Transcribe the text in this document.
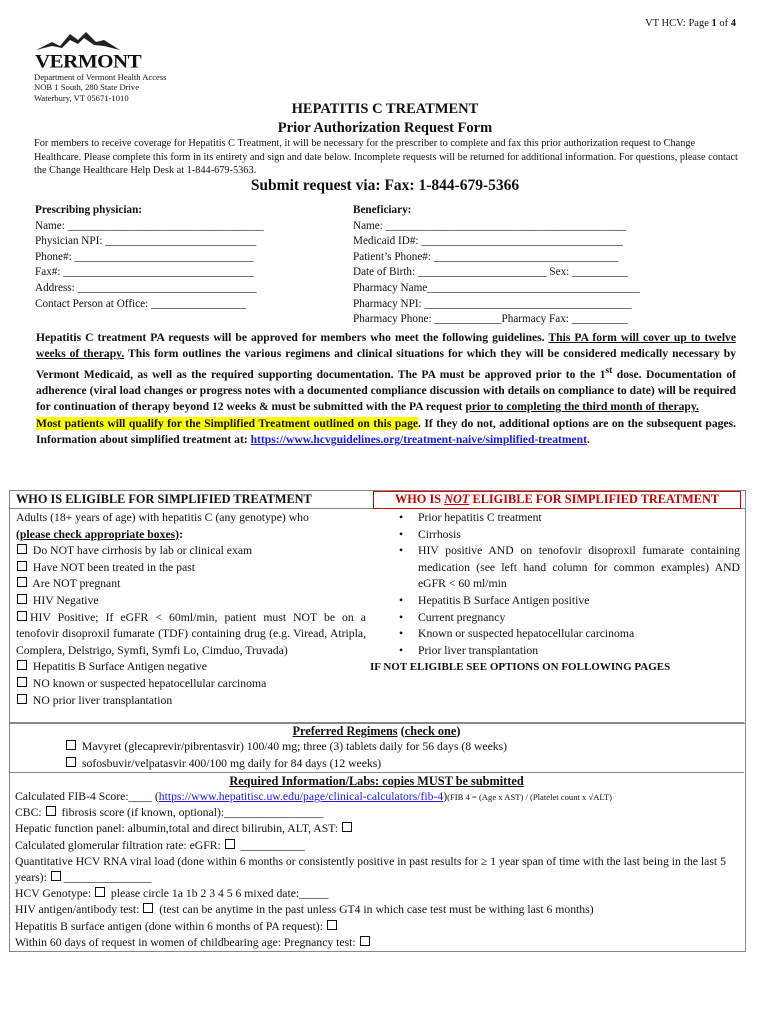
VT HCV: Page 1 of 4
VERMONT
Department of Vermont Health Access
NOB 1 South, 280 State Drive
Waterbury, VT 05671-1010
HEPATITIS C TREATMENT
Prior Authorization Request Form
For members to receive coverage for Hepatitis C Treatment, it will be necessary for the prescriber to complete and fax this prior authorization request to Change Healthcare. Please complete this form in its entirety and sign and date below. Incomplete requests will be returned for additional information. For questions, please contact the Change Healthcare Help Desk at 1-844-679-5363.
Submit request via: Fax: 1-844-679-5366
Prescribing physician:
Name: ___________________________________
Physician NPI: ___________________________
Phone#: ________________________________
Fax#: __________________________________
Address: ________________________________
Contact Person at Office: _________________
Beneficiary:
Name: ___________________________________________
Medicaid ID#: ____________________________________
Patient’s Phone#: _________________________________
Date of Birth: _______________________ Sex: __________
Pharmacy Name______________________________________
Pharmacy NPI: _____________________________________
Pharmacy Phone: ____________Pharmacy Fax: __________
Hepatitis C treatment PA requests will be approved for members who meet the following guidelines. This PA form will cover up to twelve weeks of therapy. This form outlines the various regimens and clinical situations for which they will be considered medically necessary by Vermont Medicaid, as well as the required supporting documentation. The PA must be approved prior to the 1st dose. Documentation of adherence (viral load changes or progress notes with a documented compliance discussion with details on compliance to date) will be required for continuation of therapy beyond 12 weeks & must be submitted with the PA request prior to completing the third month of therapy.
Most patients will qualify for the Simplified Treatment outlined on this page. If they do not, additional options are on the subsequent pages. Information about simplified treatment at: https://www.hcvguidelines.org/treatment-naive/simplified-treatment.
WHO IS ELIGIBLE FOR SIMPLIFIED TREATMENT	WHO IS NOT ELIGIBLE FOR SIMPLIFIED TREATMENT
Adults (18+ years of age) with hepatitis C (any genotype) who
(please check appropriate boxes):
Do NOT have cirrhosis by lab or clinical exam
Have NOT been treated in the past
Are NOT pregnant
HIV Negative
HIV Positive; If eGFR < 60ml/min, patient must NOT be on a tenofovir disoproxil fumarate (TDF) containing drug (e.g. Viread, Atripla, Complera, Delstrigo, Symfi, Symfi Lo, Cimduo, Truvada)
Hepatitis B Surface Antigen negative
NO known or suspected hepatocellular carcinoma
NO prior liver transplantation
• Prior hepatitis C treatment
• Cirrhosis
• HIV positive AND on tenofovir disoproxil fumarate containing medication (see left hand column for common examples) AND eGFR < 60 ml/min
• Hepatitis B Surface Antigen positive
• Current pregnancy
• Known or suspected hepatocellular carcinoma
• Prior liver transplantation
IF NOT ELIGIBLE SEE OPTIONS ON FOLLOWING PAGES
Preferred Regimens (check one)
Mavyret (glecaprevir/pibrentasvir) 100/40 mg; three (3) tablets daily for 56 days (8 weeks)
sofosbuvir/velpatasvir 400/100 mg daily for 84 days (12 weeks)
Required Information/Labs: copies MUST be submitted
Calculated FIB-4 Score:____ (https://www.hepatitisc.uw.edu/page/clinical-calculators/fib-4)(FIB 4 = (Age x AST) / (Platelet count x √ALT)
CBC:  fibrosis score (if known, optional):_________________
Hepatic function panel: albumin,total and direct bilirubin, ALT, AST:
Calculated glomerular filtration rate: eGFR:  ___________
Quantitative HCV RNA viral load (done within 6 months or consistently positive in past results for ≥ 1 year span of time with the last being in the last 5 years): _______________
HCV Genotype:  please circle 1a 1b 2 3 4 5 6 mixed date:_____
HIV antigen/antibody test:  (test can be anytime in the past unless GT4 in which case test must be withing last 6 months)
Hepatitis B surface antigen (done within 6 months of PA request):
Within 60 days of request in women of childbearing age: Pregnancy test:
